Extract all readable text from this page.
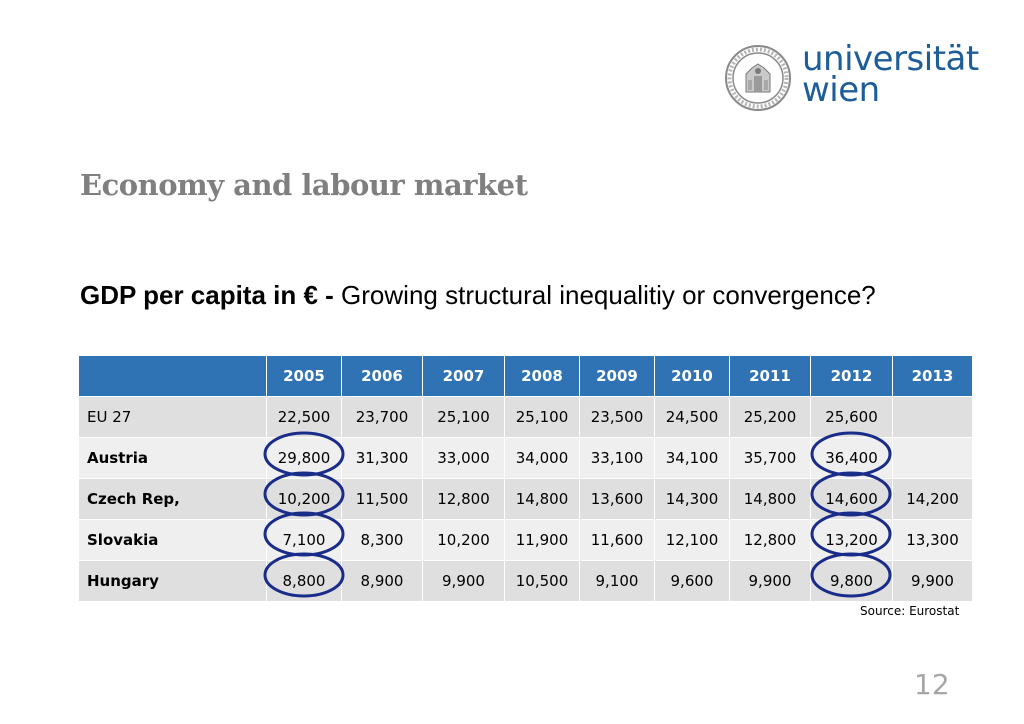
universität
wien
Economy and labour market
GDP per capita in € - Growing structural inequalitiy or convergence?
	2005	2006	2007	2008	2009	2010	2011	2012	2013
EU 27	22,500	23,700	25,100	25,100	23,500	24,500	25,200	25,600	
Austria	29,800	31,300	33,000	34,000	33,100	34,100	35,700	36,400	
Czech Rep,	10,200	11,500	12,800	14,800	13,600	14,300	14,800	14,600	14,200
Slovakia	7,100	8,300	10,200	11,900	11,600	12,100	12,800	13,200	13,300
Hungary	8,800	8,900	9,900	10,500	9,100	9,600	9,900	9,800	9,900
Source: Eurostat
12
